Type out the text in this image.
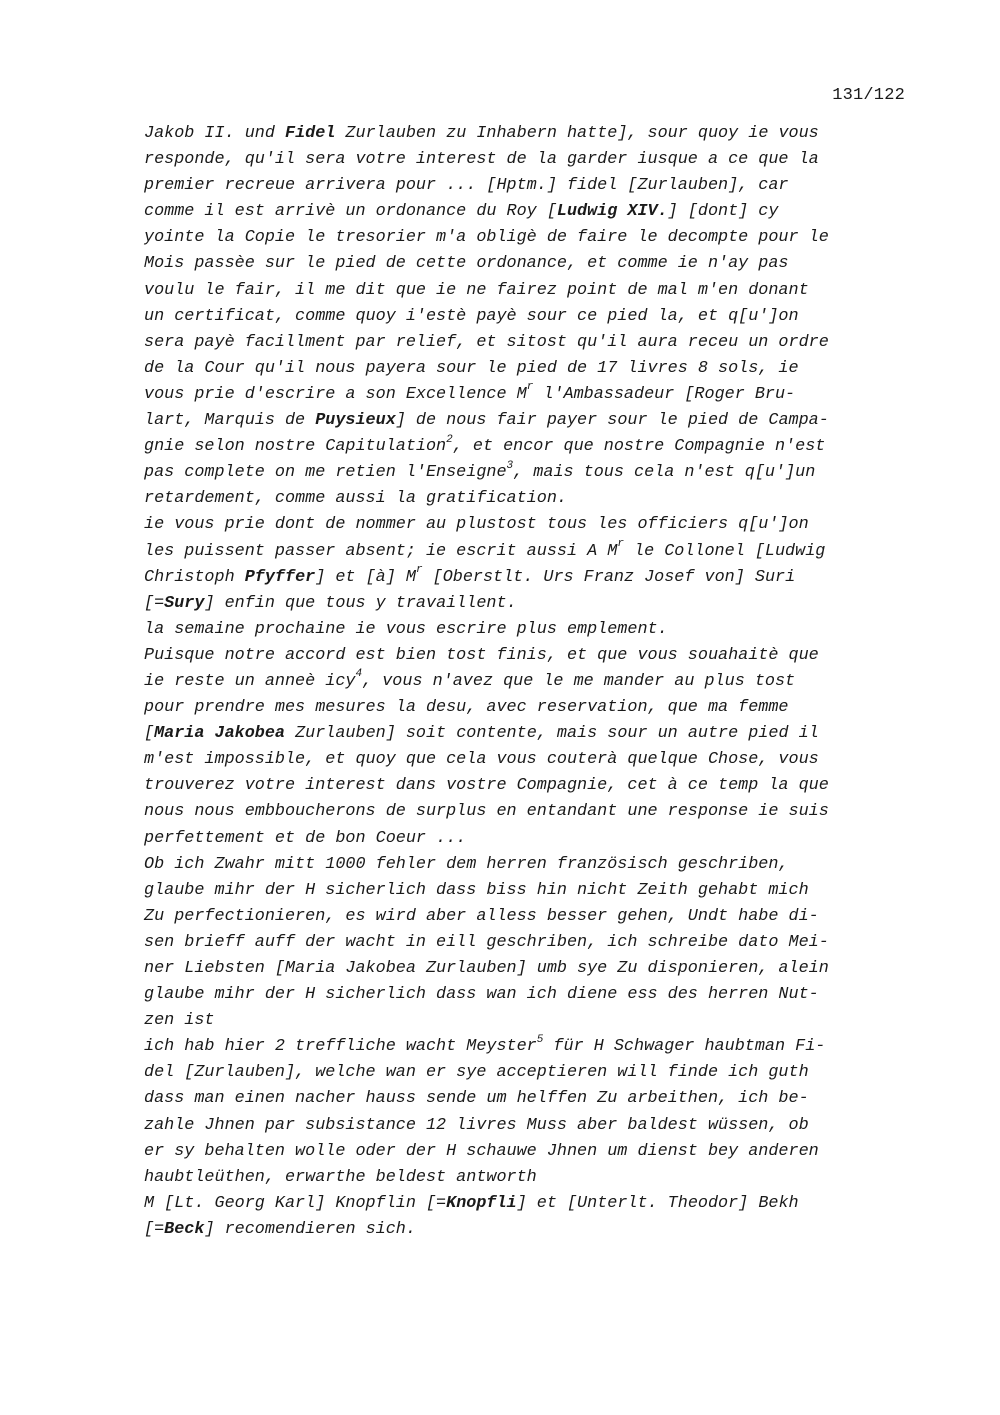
131/122
Jakob II. und Fidel Zurlauben zu Inhabern hatte], sour quoy ie vous
responde, qu'il sera votre interest de la garder iusque a ce que la
premier recreue arrivera pour ... [Hptm.] fidel [Zurlauben], car
comme il est arrivè un ordonance du Roy [Ludwig XIV.] [dont] cy
yointe la Copie le tresorier m'a obligè de faire le decompte pour le
Mois passèe sur le pied de cette ordonance, et comme ie n'ay pas
voulu le fair, il me dit que ie ne fairez point de mal m'en donant
un certificat, comme quoy i'estè payè sour ce pied la, et q[u']on
sera payè facillment par relief, et sitost qu'il aura receu un ordre
de la Cour qu'il nous payera sour le pied de 17 livres 8 sols, ie
vous prie d'escrire a son Excellence $M^r$ l'Ambassadeur [Roger Bru-
lart, Marquis de Puysieux] de nous fair payer sour le pied de Campa-
gnie selon nostre Capitulation$^2$, et encor que nostre Compagnie n'est
pas complete on me retien l'Enseigne$^3$, mais tous cela n'est q[u']un
retardement, comme aussi la gratification.
ie vous prie dont de nommer au plustost tous les officiers q[u']on
les puissent passer absent; ie escrit aussi A $M^r$ le Collonel [Ludwig
Christoph Pfyffer] et [à] $M^r$ [Oberstlt. Urs Franz Josef von] Suri
[=Sury] enfin que tous y travaillent.
la semaine prochaine ie vous escrire plus emplement.
Puisque notre accord est bien tost finis, et que vous souahaitè que
ie reste un anneè icy$^4$, vous n'avez que le me mander au plus tost
pour prendre mes mesures la desu, avec reservation, que ma femme
[Maria Jakobea Zurlauben] soit contente, mais sour un autre pied il
m'est impossible, et quoy que cela vous couterà quelque Chose, vous
trouverez votre interest dans vostre Compagnie, cet à ce temp la que
nous nous embboucherons de surplus en entandant une response ie suis
perfettement et de bon Coeur ...
Ob ich Zwahr mitt 1000 fehler dem herren französisch geschriben,
glaube mihr der H sicherlich dass biss hin nicht Zeith gehabt mich
Zu perfectionieren, es wird aber alless besser gehen, Undt habe di-
sen brieff auff der wacht in eill geschriben, ich schreibe dato Mei-
ner Liebsten [Maria Jakobea Zurlauben] umb sye Zu disponieren, alein
glaube mihr der H sicherlich dass wan ich diene ess des herren Nut-
zen ist
ich hab hier 2 treffliche wacht Meyster$^5$ für H Schwager haubtman Fi-
del [Zurlauben], welche wan er sye acceptieren will finde ich guth
dass man einen nacher hauss sende um helffen Zu arbeithen, ich be-
zahle Jhnen par subsistance 12 livres Muss aber baldest wüssen, ob
er sy behalten wolle oder der H schauwe Jhnen um dienst bey anderen
haubtleüthen, erwarthe beldest antworth
M [Lt. Georg Karl] Knopflin [=Knopfli] et [Unterlt. Theodor] Bekh
[=Beck] recomendieren sich.
